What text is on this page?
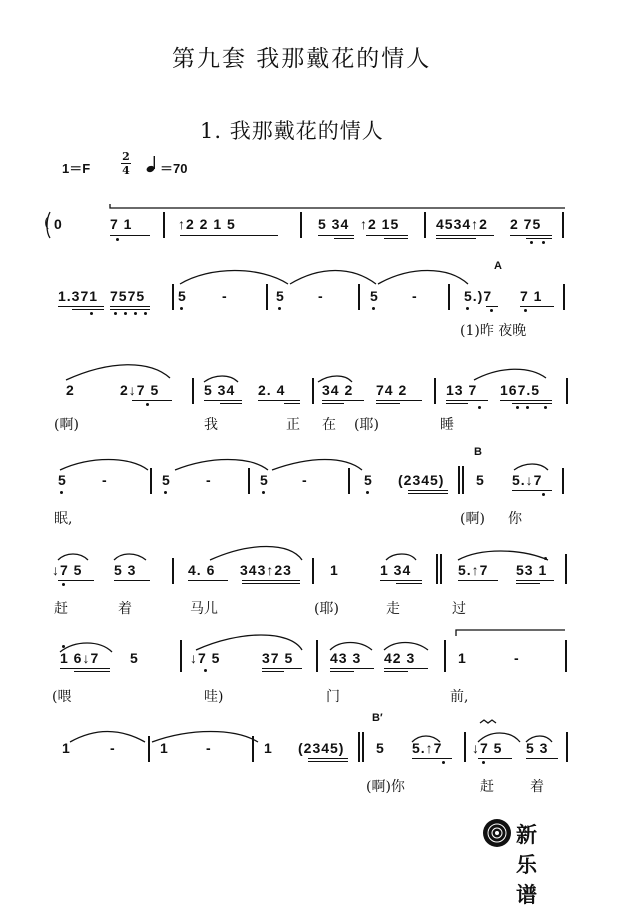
第九套 我那戴花的情人
1. 我那戴花的情人
1＝F
2
4 ＝70
( 0	7 1	↑2 2 1 5	5 34 ↑2 15	4534↑2 2 75
1.371 7575 5	-	5 -	5 -	5.)7
A
7 1
(1)昨 夜晚
2	2↓7 5	5 34 2. 4	34 2 74 2	13 7 167.5
(啊)	我	正 在 (耶)	睡
B
5	-	5	-	5 -	5 (2345) 5 5.↓7
眠,	(啊) 你
↓7 5 5 3	4. 6 343↑23	1	1 34	5.↑7 53 1
赶	着	马儿	(耶)	走	过
1 6↓7 5	↓7 5	37 5	43 3 42 3	1	-
(喂	哇)	门	前,
B′
1	-	1	-	1 (2345) 5 5.↑7 ↓7 5 5 3
(啊)你	赶	着
新乐谱
